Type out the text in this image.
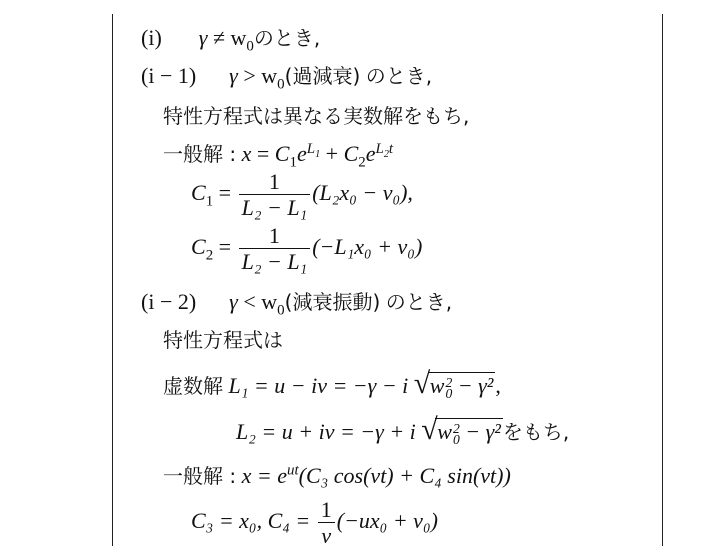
(i) $\gamma \ne w_0$のとき,
(i − 1) $\gamma > w_0$(過減衰) のとき,
特性方程式は異なる実数解をもち,
一般解 : $x = C_1e^{L_1} + C_2e^{L_2t}$
$C_1 = \frac{1}{\text{L₂ − L₁}} (L_2x_0 - v_0)$,
$C_2 = \frac{1}{\text{L₂ − L₁}} (-L_1x_0 + v_0)$
(i − 2) $\gamma < w_0$(減衰振動) のとき,
特性方程式は
虚数解 L₁ = u − iv = −γ − i √ w 2
0 − γ²,
L₂ = u + iv = −γ + i √ w 2
0 − γ² をもち,
一般解 : $x = e^{ut}(C_3$ cos(vt) + C₄ sin(vt))
C₃ = x₀, $C_4 = \frac{1}{v} (-ux_0 + v_0)$
